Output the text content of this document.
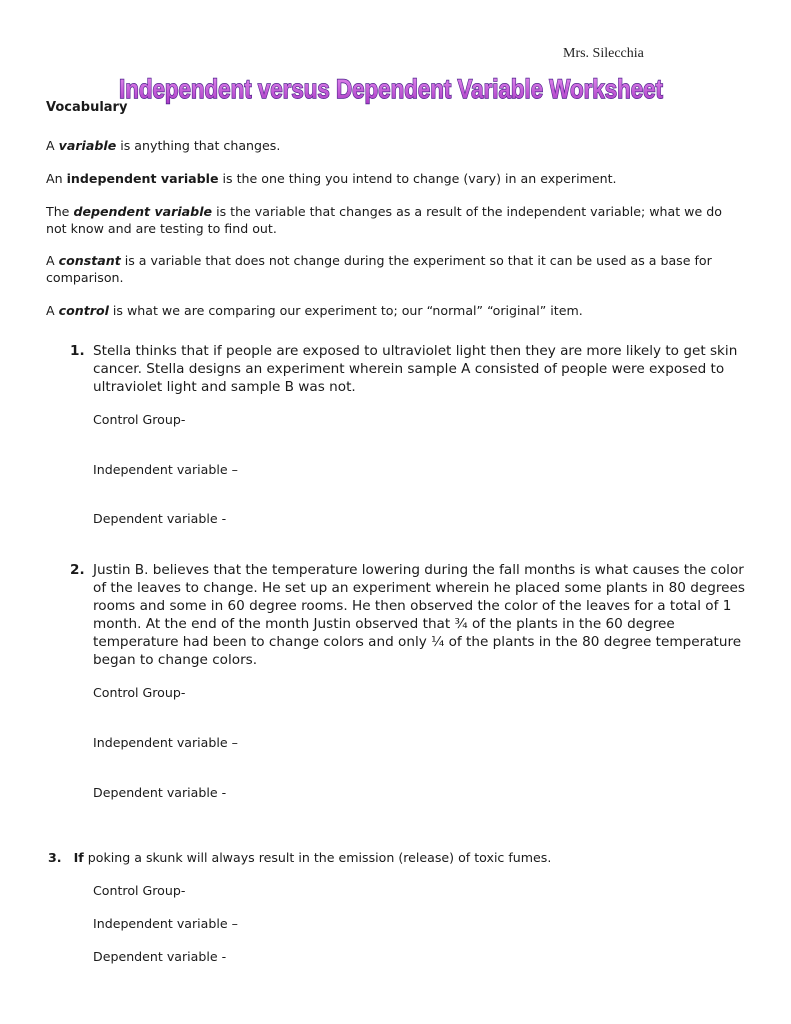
Mrs. Silecchia
Independent versus Dependent Variable Worksheet
Vocabulary
A variable is anything that changes.
An independent variable is the one thing you intend to change (vary) in an experiment.
The dependent variable is the variable that changes as a result of the independent variable; what we do not know and are testing to find out.
A constant is a variable that does not change during the experiment so that it can be used as a base for comparison.
A control is what we are comparing our experiment to; our “normal” “original” item.
1. Stella thinks that if people are exposed to ultraviolet light then they are more likely to get skin cancer. Stella designs an experiment wherein sample A consisted of people were exposed to ultraviolet light and sample B was not.
Control Group-
Independent variable –
Dependent variable -
2. Justin B. believes that the temperature lowering during the fall months is what causes the color of the leaves to change. He set up an experiment wherein he placed some plants in 80 degrees rooms and some in 60 degree rooms. He then observed the color of the leaves for a total of 1 month. At the end of the month Justin observed that ¾ of the plants in the 60 degree temperature had been to change colors and only ¼ of the plants in the 80 degree temperature began to change colors.
Control Group-
Independent variable –
Dependent variable -
3. If poking a skunk will always result in the emission (release) of toxic fumes.
Control Group-
Independent variable –
Dependent variable -
